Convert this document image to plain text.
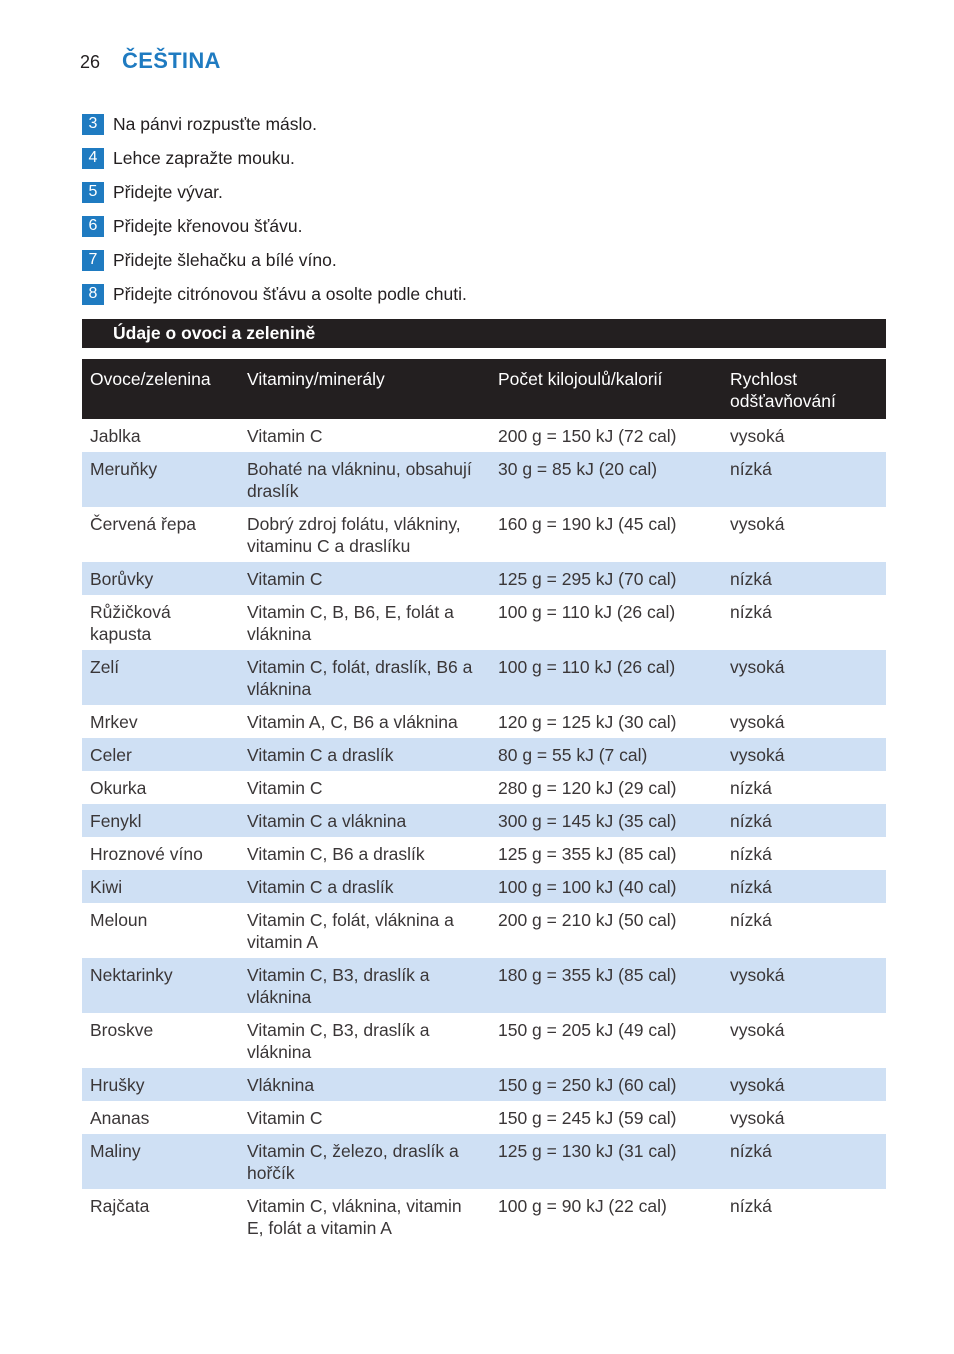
26 ČEŠTINA
3 Na pánvi rozpusťte máslo.
4 Lehce zapražte mouku.
5 Přidejte vývar.
6 Přidejte křenovou šťávu.
7 Přidejte šlehačku a bílé víno.
8 Přidejte citrónovou šťávu a osolte podle chuti.
Údaje o ovoci a zelenině
Ovoce/zelenina	Vitaminy/minerály	Počet kilojoulů/kalorií	Rychlost odšťavňování
Jablka	Vitamin C	200 g = 150 kJ (72 cal)	vysoká
Meruňky	Bohaté na vlákninu, obsahují draslík	30 g = 85 kJ (20 cal)	nízká
Červená řepa	Dobrý zdroj folátu, vlákniny, vitaminu C a draslíku	160 g = 190 kJ (45 cal)	vysoká
Borůvky	Vitamin C	125 g = 295 kJ (70 cal)	nízká
Růžičková kapusta	Vitamin C, B, B6, E, folát a vláknina	100 g = 110 kJ (26 cal)	nízká
Zelí	Vitamin C, folát, draslík, B6 a vláknina	100 g = 110 kJ (26 cal)	vysoká
Mrkev	Vitamin A, C, B6 a vláknina	120 g = 125 kJ (30 cal)	vysoká
Celer	Vitamin C a draslík	80 g = 55 kJ (7 cal)	vysoká
Okurka	Vitamin C	280 g = 120 kJ (29 cal)	nízká
Fenykl	Vitamin C a vláknina	300 g = 145 kJ (35 cal)	nízká
Hroznové víno	Vitamin C, B6 a draslík	125 g = 355 kJ (85 cal)	nízká
Kiwi	Vitamin C a draslík	100 g = 100 kJ (40 cal)	nízká
Meloun	Vitamin C, folát, vláknina a vitamin A	200 g = 210 kJ (50 cal)	nízká
Nektarinky	Vitamin C, B3, draslík a vláknina	180 g = 355 kJ (85 cal)	vysoká
Broskve	Vitamin C, B3, draslík a vláknina	150 g = 205 kJ (49 cal)	vysoká
Hrušky	Vláknina	150 g = 250 kJ (60 cal)	vysoká
Ananas	Vitamin C	150 g = 245 kJ (59 cal)	vysoká
Maliny	Vitamin C, železo, draslík a hořčík	125 g = 130 kJ (31 cal)	nízká
Rajčata	Vitamin C, vláknina, vitamin E, folát a vitamin A	100 g = 90 kJ (22 cal)	nízká
